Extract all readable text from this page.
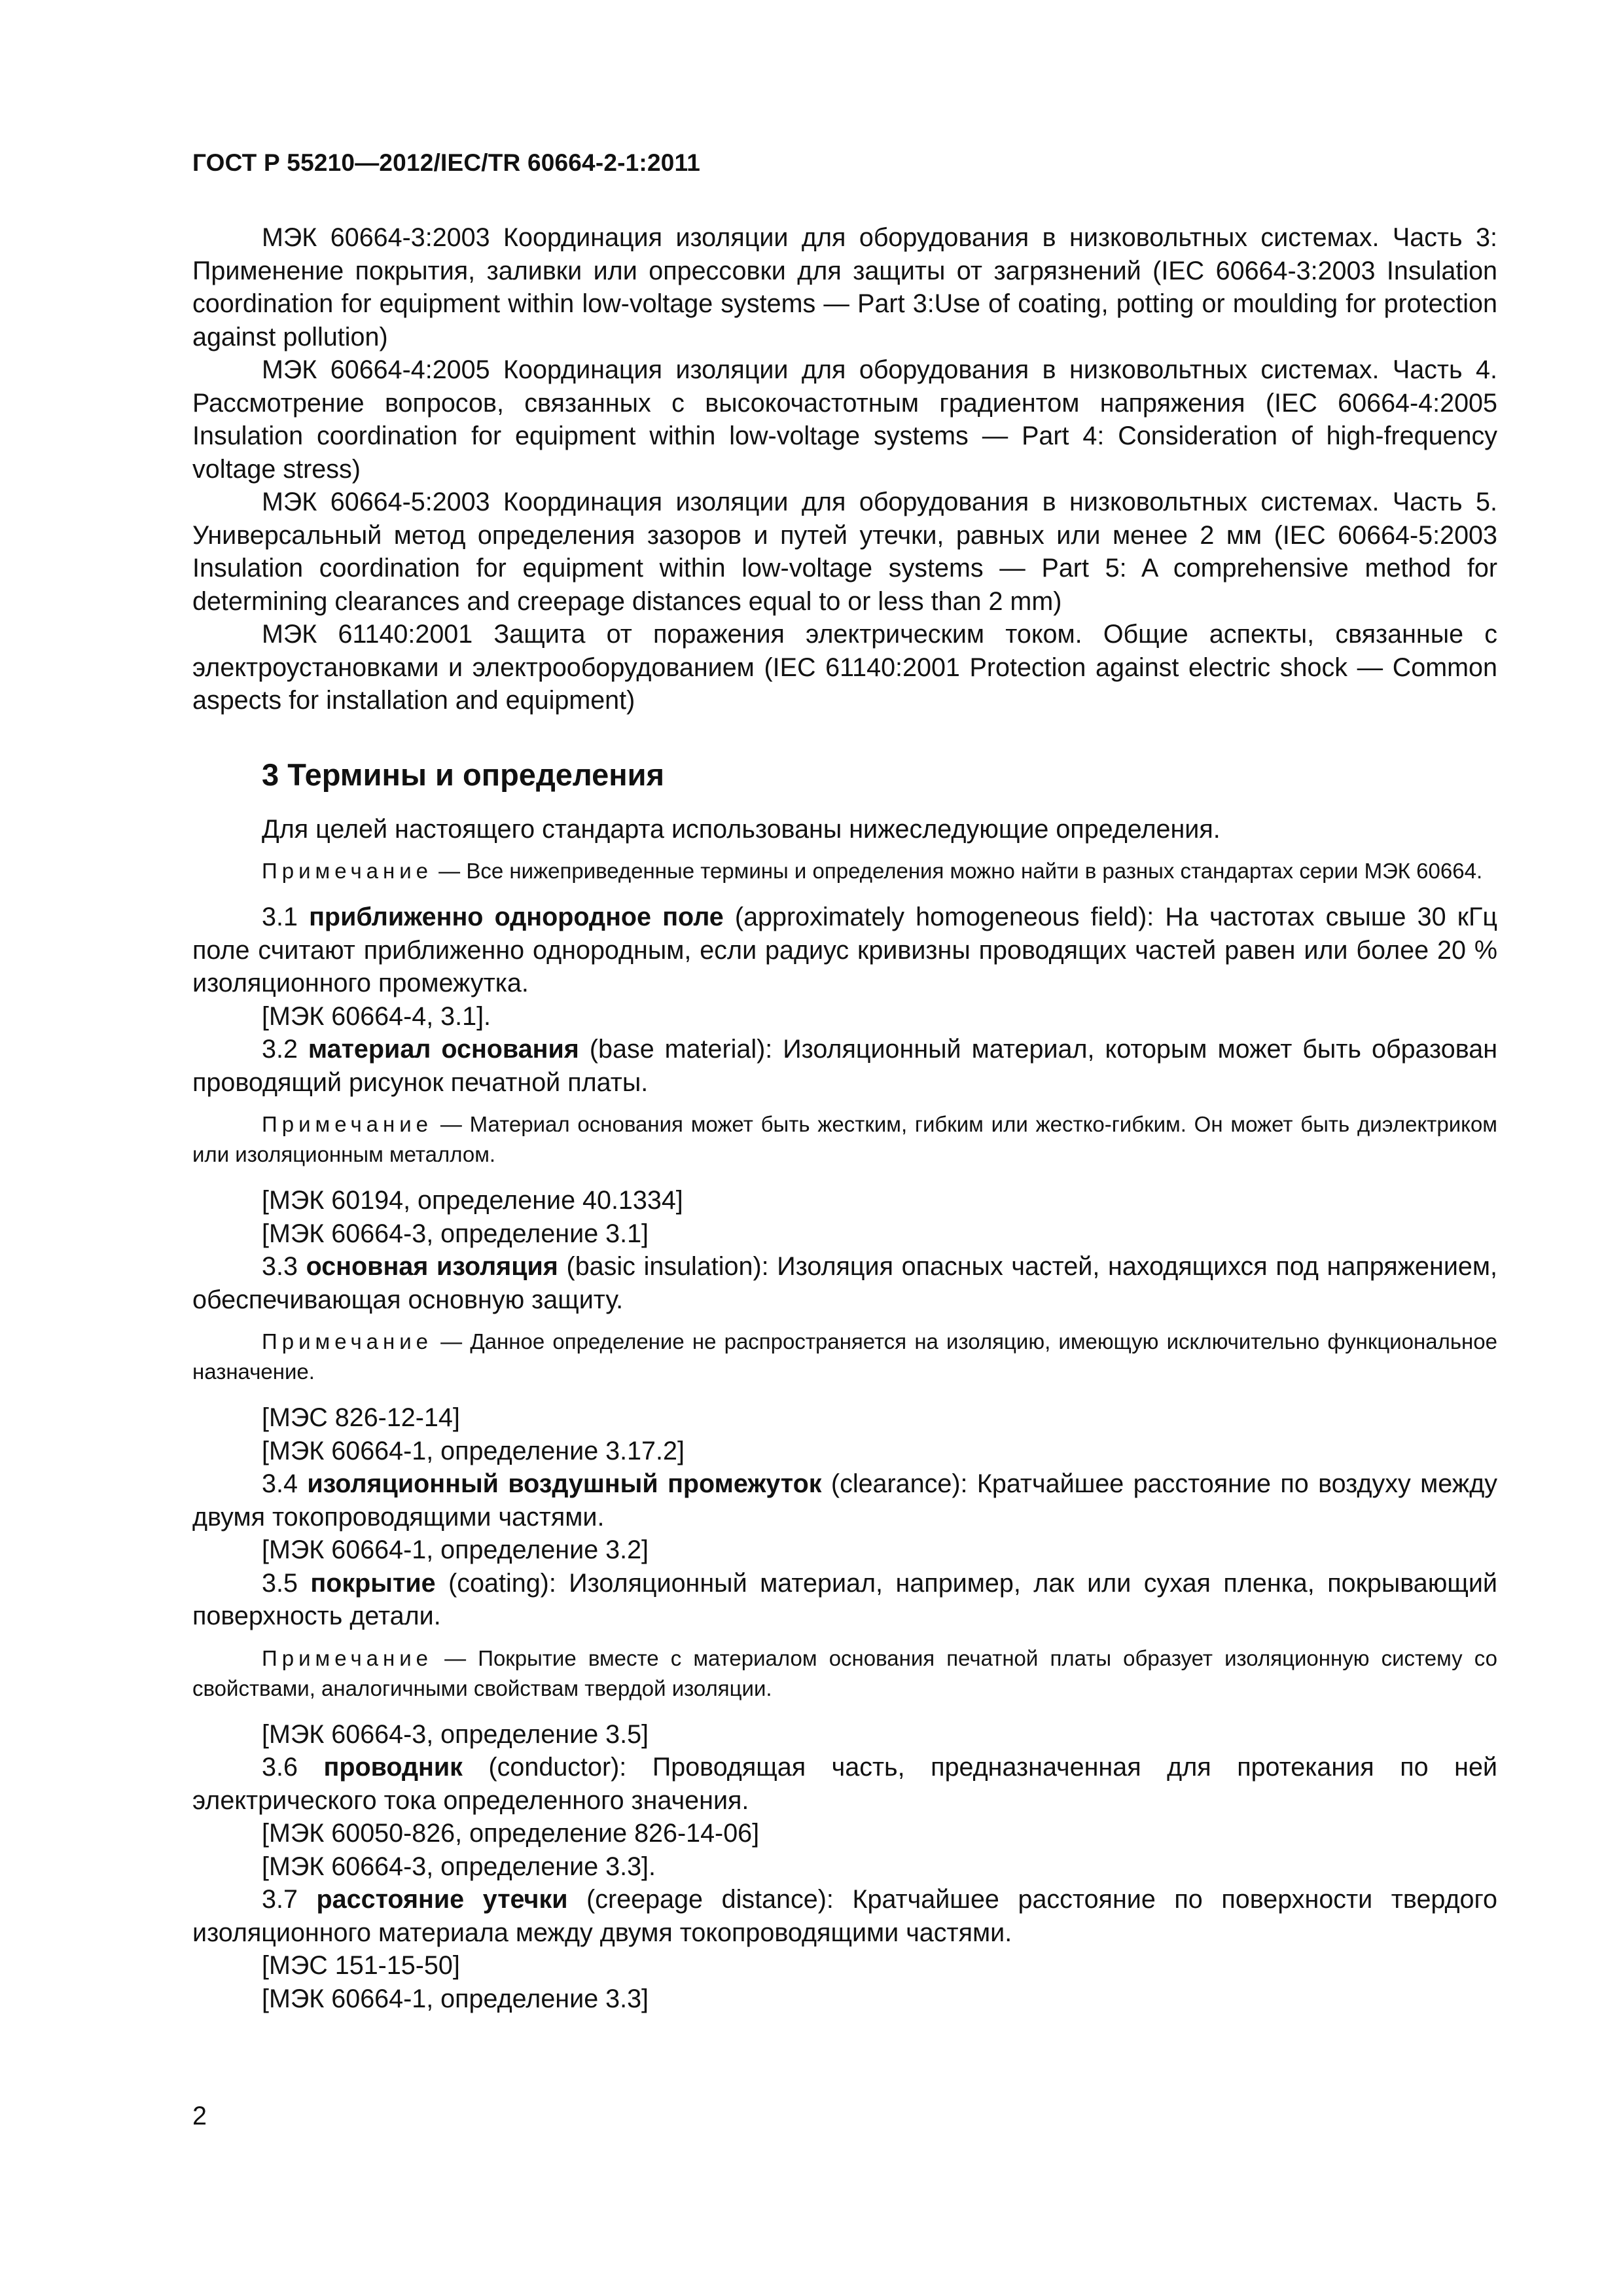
ГОСТ Р 55210—2012/IEC/TR 60664-2-1:2011

МЭК 60664-3:2003 Координация изоляции для оборудования в низковольтных системах. Часть 3: Применение покрытия, заливки или опрессовки для защиты от загрязнений (IEC 60664-3:2003 Insulation coordination for equipment within low-voltage systems — Part 3:Use of coating, potting or moulding for protection against pollution)

МЭК 60664-4:2005 Координация изоляции для оборудования в низковольтных системах. Часть 4. Рассмотрение вопросов, связанных с высокочастотным градиентом напряжения (IEC 60664-4:2005 Insulation coordination for equipment within low-voltage systems — Part 4: Consideration of high-frequency voltage stress)

МЭК 60664-5:2003 Координация изоляции для оборудования в низковольтных системах. Часть 5. Универсальный метод определения зазоров и путей утечки, равных или менее 2 мм (IEC 60664-5:2003 Insulation coordination for equipment within low-voltage systems — Part 5: A comprehensive method for determining clearances and creepage distances equal to or less than 2 mm)

МЭК 61140:2001 Защита от поражения электрическим током. Общие аспекты, связанные с электроустановками и электрооборудованием (IEC 61140:2001 Protection against electric shock — Common aspects for installation and equipment)

3 Термины и определения

Для целей настоящего стандарта использованы нижеследующие определения.

Примечание — Все нижеприведенные термины и определения можно найти в разных стандартах серии МЭК 60664.

3.1 приближенно однородное поле (approximately homogeneous field): На частотах свыше 30 кГц поле считают приближенно однородным, если радиус кривизны проводящих частей равен или более 20 % изоляционного промежутка.

[МЭК 60664-4, 3.1].

3.2 материал основания (base material): Изоляционный материал, которым может быть образован проводящий рисунок печатной платы.

Примечание — Материал основания может быть жестким, гибким или жестко-гибким. Он может быть диэлектриком или изоляционным металлом.

[МЭК 60194, определение 40.1334]

[МЭК 60664-3, определение 3.1]

3.3 основная изоляция (basic insulation): Изоляция опасных частей, находящихся под напряжением, обеспечивающая основную защиту.

Примечание — Данное определение не распространяется на изоляцию, имеющую исключительно функциональное назначение.

[МЭС 826-12-14]

[МЭК 60664-1, определение 3.17.2]

3.4 изоляционный воздушный промежуток (clearance): Кратчайшее расстояние по воздуху между двумя токопроводящими частями.

[МЭК 60664-1, определение 3.2]

3.5 покрытие (coating): Изоляционный материал, например, лак или сухая пленка, покрывающий поверхность детали.

Примечание — Покрытие вместе с материалом основания печатной платы образует изоляционную систему со свойствами, аналогичными свойствам твердой изоляции.

[МЭК 60664-3, определение 3.5]

3.6 проводник (conductor): Проводящая часть, предназначенная для протекания по ней электрического тока определенного значения.

[МЭК 60050-826, определение 826-14-06]

[МЭК 60664-3, определение 3.3].

3.7 расстояние утечки (creepage distance): Кратчайшее расстояние по поверхности твердого изоляционного материала между двумя токопроводящими частями.

[МЭС 151-15-50]

[МЭК 60664-1, определение 3.3]

2
